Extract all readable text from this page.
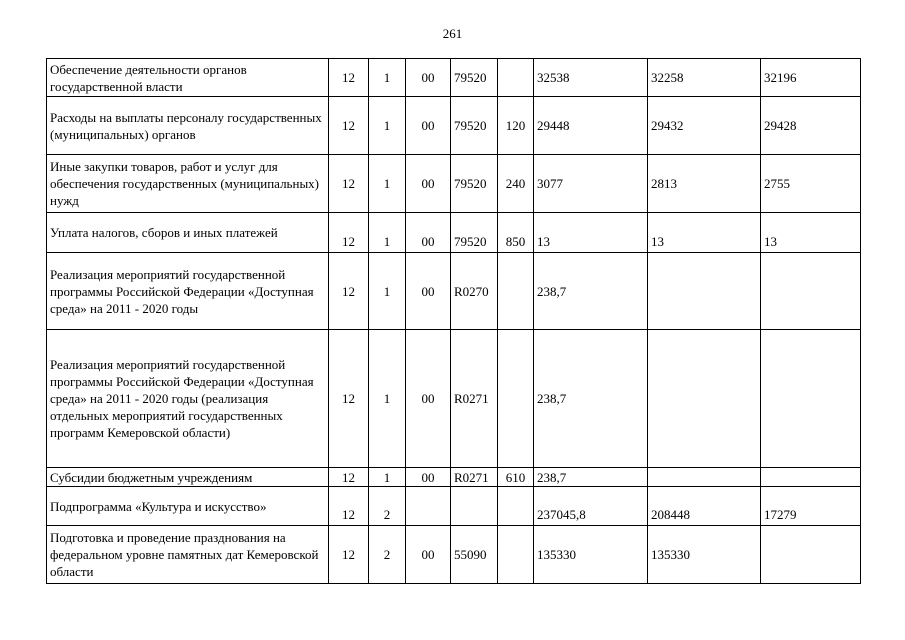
261
Обеспечение деятельности органов государственной власти	12	1	00	79520		32538	32258	32196
Расходы на выплаты персоналу государственных (муниципальных) органов	12	1	00	79520	120	29448	29432	29428
Иные закупки товаров, работ и услуг для обеспечения государственных (муниципальных) нужд	12	1	00	79520	240	3077	2813	2755
Уплата налогов, сборов и иных платежей	12	1	00	79520	850	13	13	13
Реализация мероприятий государственной программы Российской Федерации «Доступная среда» на 2011 - 2020 годы	12	1	00	R0270		238,7		
Реализация мероприятий государственной программы Российской Федерации «Доступная среда» на 2011 - 2020 годы (реализация отдельных мероприятий государственных программ Кемеровской области)	12	1	00	R0271		238,7		
Субсидии бюджетным учреждениям	12	1	00	R0271	610	238,7		
Подпрограмма «Культура и искусство»	12	2				237045,8	208448	17279
Подготовка и проведение празднования на федеральном уровне памятных дат Кемеровской области	12	2	00	55090		135330	135330	
